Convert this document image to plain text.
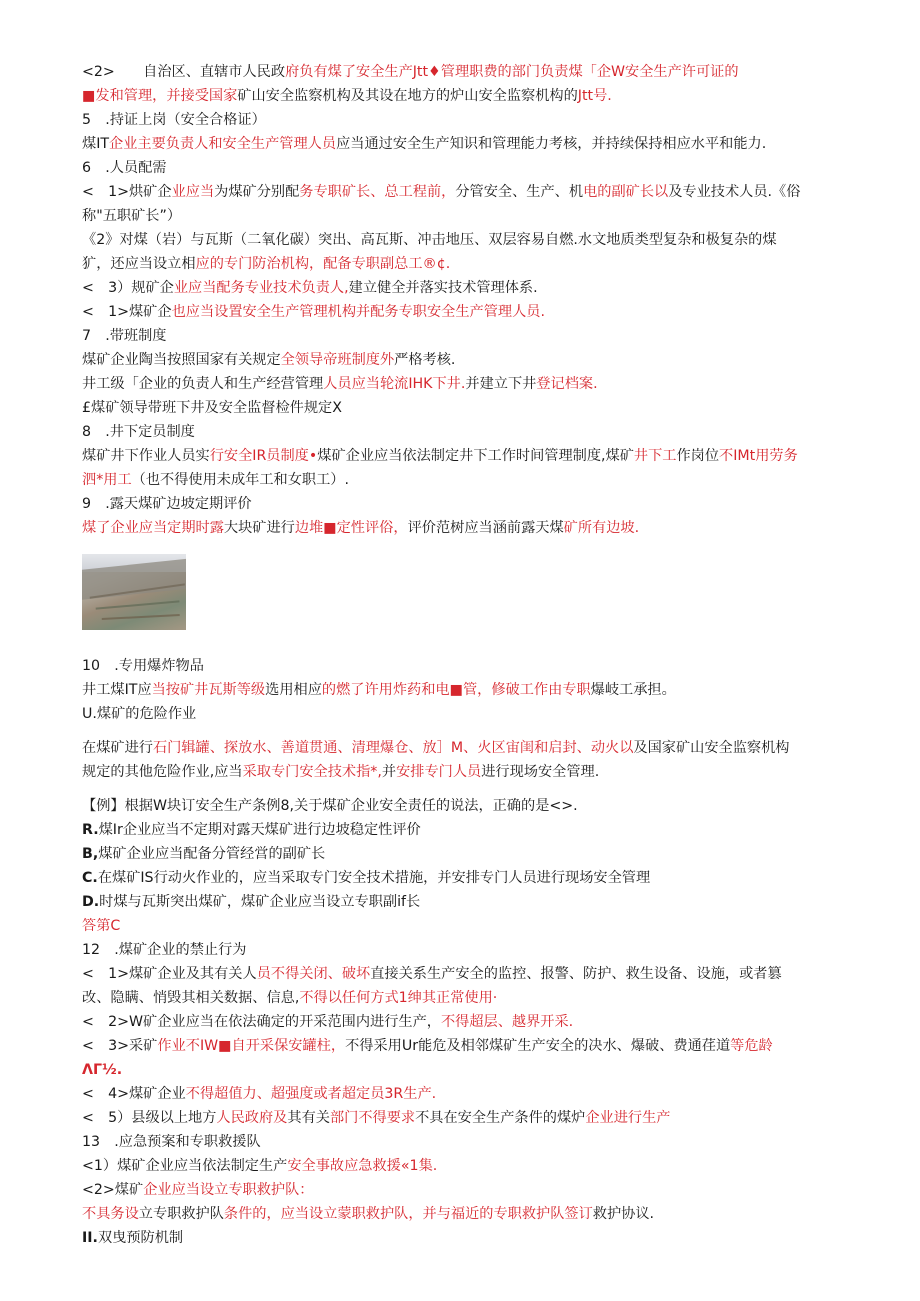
<2>　　自治区、直辖市人民政府负有煤了安全生产Jtt♦管理职费的部门负责煤「企W安全生产许可证的

■发和管理，并接受国家矿山安全监察机构及其设在地方的炉山安全监察机构的Jtt号.

5　.持证上岗（安全合格证）

煤IT企业主要负责人和安全生产管理人员应当通过安全生产知识和管理能力考核，并持续保持相应水平和能力.

6　.人员配需

<　1>烘矿企业应当为煤矿分别配务专职矿长、总工程前，分管安全、生产、机电的副矿长以及专业技术人员.《俗

称"五职矿长”）

《2》对煤（岩）与瓦斯（二氧化碳）突出、高瓦斯、冲击地压、双层容易自燃.水文地质类型复杂和极复杂的煤

犷，还应当设立相应的专门防治机构，配备专职副总工®¢.

<　3）规矿企业应当配务专业技术负责人,建立健全并落实技术管理体系.

<　1>煤矿企也应当设置安全生产管理机构并配务专职安全生产管理人员.

7　.带班制度

煤矿企业陶当按照国家有关规定全领导帝班制度外严格考核.

井工级「企业的负责人和生产经营管理人员应当轮流IHK下井.并建立下井登记档案.

£煤矿领导带班下井及安全监督检件规定X

8　.井下定员制度

煤矿井下作业人员实行安全IR员制度•煤矿企业应当依法制定井下工作时间管理制度,煤矿井下工作岗位不IMt用劳务

泗*用工（也不得使用未成年工和女职工）.

9　.露天煤矿边坡定期评价

煤了企业应当定期时露大块矿进行边堆■定性评俗，评价范树应当涵前露天煤矿所有边坡.

10　.专用爆炸物品

井工煤IT应当按矿井瓦斯等级选用相应的燃了许用炸药和电■管，修破工作由专职爆岐工承担。

U.煤矿的危险作业

在煤矿进行石门辑罐、探放水、善道贯通、清理爆仓、放］M、火区宙闺和启封、动火以及国家矿山安全监察机构

规定的其他危险作业,应当采取专门安全技术指*,并安排专门人员进行现场安全管理.

【例】根据W块订安全生产条例8,关于煤矿企业安全责任的说法，正确的是<>.

R.煤Ir企业应当不定期对露天煤矿进行边坡稳定性评价

B,煤矿企业应当配备分管经営的副矿长

C.在煤矿IS行动火作业的，应当采取专门安全技术措施，并安排专门人员进行现场安全管理

D.时煤与瓦斯突出煤矿，煤矿企业应当设立专职副if长

答第C

12　.煤矿企业的禁止行为

<　1>煤矿企业及其有关人员不得关闭、破坏直接关系生产安全的监控、报警、防护、救生设备、设施，或者篡

改、隐瞒、悄毁其相关数据、信息,不得以任何方式1绅其正常使用·

<　2>W矿企业应当在依法确定的开采范围内进行生产，不得超层、越界开采.

<　3>采矿作业不IW■自开采保安罐柱，不得采用Ur能危及相邻煤矿生产安全的决水、爆破、费通荏道等危龄

ΛΓ½.

<　4>煤矿企业不得超值力、超强度或者超定员3R生产.

<　5）县级以上地方人民政府及其有关部门不得要求不具在安全生产条件的煤炉企业进行生产

13　.应急预案和专职救援队

<1）煤矿企业应当依法制定生产安全事故应急救援«1集.

<2>煤矿企业应当设立专职救护队：

不具务设立专职救护队条件的，应当设立蒙职救护队，并与福近的专职救护队签订救护协议.

II.双曳预防机制
